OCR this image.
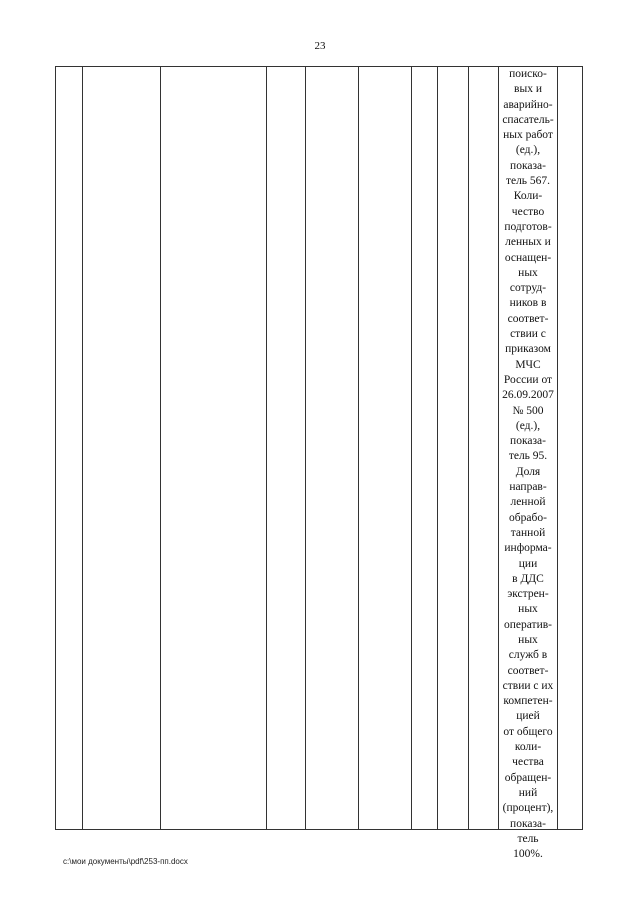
23
поиско-
вых и
аварийно-
спасатель-
ных работ
(ед.),
показа-
тель 567.
Коли-
чество
подготов-
ленных и
оснащен-
ных
сотруд-
ников в
соответ-
ствии с
приказом
МЧС
России от
26.09.2007
№ 500
(ед.),
показа-
тель 95.
Доля
направ-
ленной
обрабо-
танной
информа-
ции
в ДДС
экстрен-
ных
оператив-
ных
служб в
соответ-
ствии с их
компетен-
цией
от общего
коли-
чества
обращен-
ний
(процент),
показа-
тель
100%.
c:\мои документы\pdf\253-пп.docx
